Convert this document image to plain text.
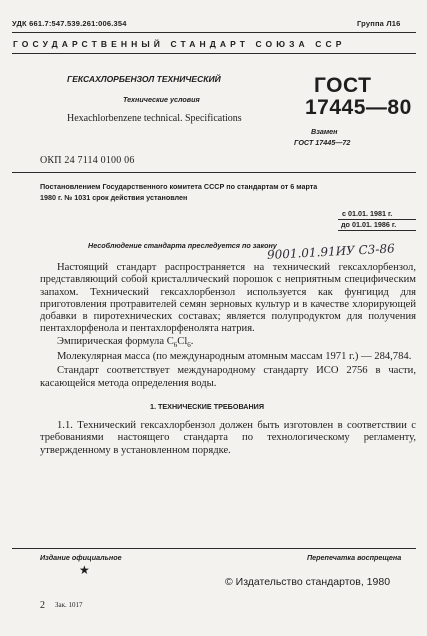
УДК 661.7:547.539.261:006.354	Группа Л16
ГОСУДАРСТВЕННЫЙ СТАНДАРТ СОЮЗА ССР
ГЕКСАХЛОРБЕНЗОЛ ТЕХНИЧЕСКИЙ
Технические условия
Hexachlorbenzene technical. Specifications
ГОСТ
17445—80
Взамен
ГОСТ 17445—72
ОКП 24 7114 0100 06
Постановлением Государственного комитета СССР по стандартам от 6 марта
1980 г. № 1031 срок действия установлен
с 01.01. 1981 г.
до 01.01. 1986 г.
Несоблюдение стандарта преследуется по закону
9001.01.91ИУ С3-86

Настоящий стандарт распространяется на технический гексахлорбензол, представляющий собой кристаллический порошок с неприятным специфическим запахом. Технический гексахлорбензол используется как фунгицид для приготовления протравителей семян зерновых культур и в качестве хлорирующей добавки в пиротехнических составах; является полупродуктом для получения пентахлорфенола и пентахлорфенолята натрия.

Эмпирическая формула $C_6Cl_6$.

Молекулярная масса (по международным атомным массам 1971 г.) — 284,784.

Стандарт соответствует международному стандарту ИСО 2756 в части, касающейся метода определения воды.

1. ТЕХНИЧЕСКИЕ ТРЕБОВАНИЯ

1.1. Технический гексахлорбензол должен быть изготовлен в соответствии с требованиями настоящего стандарта по технологическому регламенту, утвержденному в установленном порядке.

Издание официальное	Перепечатка воспрещена
★
© Издательство стандартов, 1980
2 Зак. 1017
